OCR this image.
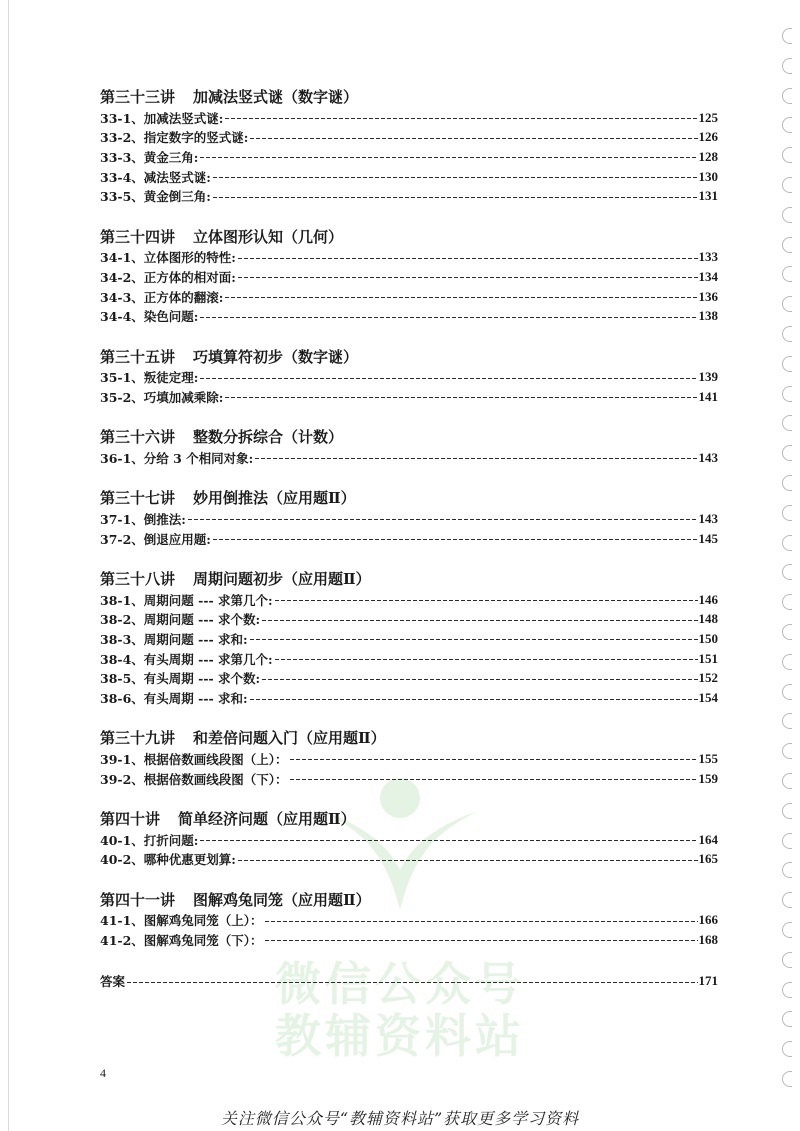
微信公众号
教辅资料站
第三十三讲 加减法竖式谜（数字谜）
33-1、加减法竖式谜:	125
33-2、指定数字的竖式谜:	126
33-3、黄金三角:	128
33-4、减法竖式谜:	130
33-5、黄金倒三角:	131
第三十四讲 立体图形认知（几何）
34-1、立体图形的特性:	133
34-2、正方体的相对面:	134
34-3、正方体的翻滚:	136
34-4、染色问题:	138
第三十五讲 巧填算符初步（数字谜）
35-1、叛徒定理:	139
35-2、巧填加减乘除:	141
第三十六讲 整数分拆综合（计数）
36-1、分给 3 个相同对象:	143
第三十七讲 妙用倒推法（应用题Ⅱ）
37-1、倒推法:	143
37-2、倒退应用题:	145
第三十八讲 周期问题初步（应用题Ⅱ）
38-1、周期问题 --- 求第几个:	146
38-2、周期问题 --- 求个数:	148
38-3、周期问题 --- 求和:	150
38-4、有头周期 --- 求第几个:	151
38-5、有头周期 --- 求个数:	152
38-6、有头周期 --- 求和:	154
第三十九讲 和差倍问题入门（应用题Ⅱ）
39-1、根据倍数画线段图（上）：	155
39-2、根据倍数画线段图（下）：	159
第四十讲 简单经济问题（应用题Ⅱ）
40-1、打折问题:	164
40-2、哪种优惠更划算:	165
第四十一讲 图解鸡兔同笼（应用题Ⅱ）
41-1、图解鸡兔同笼（上）：	166
41-2、图解鸡兔同笼（下）：	168
答案	171
4
关注微信公众号“教辅资料站”获取更多学习资料
